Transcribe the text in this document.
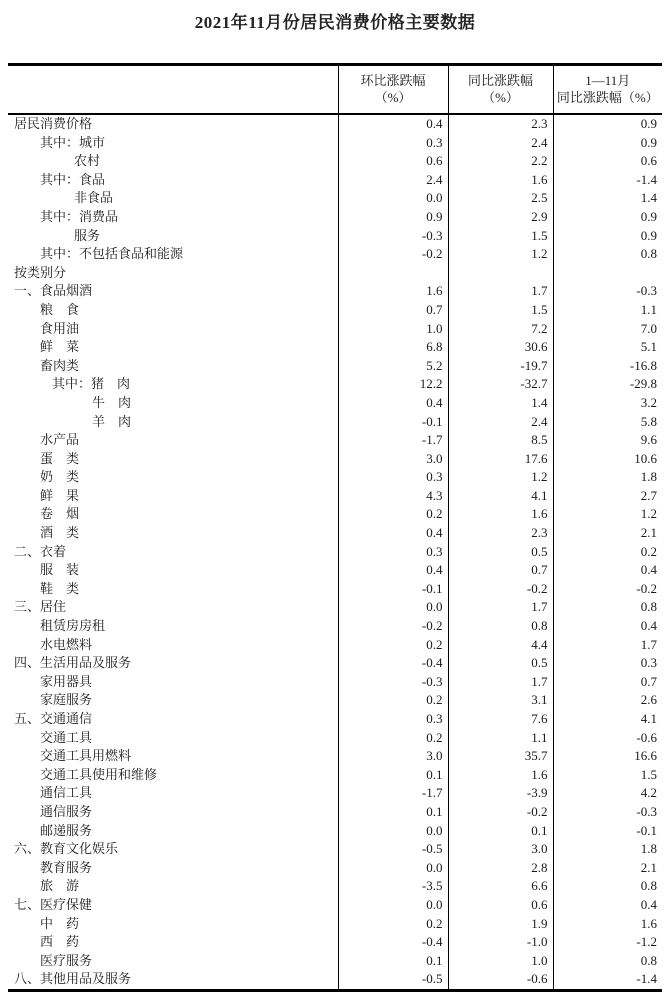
2021年11月份居民消费价格主要数据

环比涨跌幅
（%）

同比涨跌幅
（%）

1—11月
同比涨跌幅（%）

居民消费价格	0.4	2.3	0.9
其中：城市	0.3	2.4	0.9
农村	0.6	2.2	0.6
其中：食品	2.4	1.6	-1.4
非食品	0.0	2.5	1.4
其中：消费品	0.9	2.9	0.9
服务	-0.3	1.5	0.9
其中：不包括食品和能源	-0.2	1.2	0.8
按类别分			
一、食品烟酒	1.6	1.7	-0.3
粮　食	0.7	1.5	1.1
食用油	1.0	7.2	7.0
鲜　菜	6.8	30.6	5.1
畜肉类	5.2	-19.7	-16.8
其中：猪　肉	12.2	-32.7	-29.8
牛　肉	0.4	1.4	3.2
羊　肉	-0.1	2.4	5.8
水产品	-1.7	8.5	9.6
蛋　类	3.0	17.6	10.6
奶　类	0.3	1.2	1.8
鲜　果	4.3	4.1	2.7
卷　烟	0.2	1.6	1.2
酒　类	0.4	2.3	2.1
二、衣着	0.3	0.5	0.2
服　装	0.4	0.7	0.4
鞋　类	-0.1	-0.2	-0.2
三、居住	0.0	1.7	0.8
租赁房房租	-0.2	0.8	0.4
水电燃料	0.2	4.4	1.7
四、生活用品及服务	-0.4	0.5	0.3
家用器具	-0.3	1.7	0.7
家庭服务	0.2	3.1	2.6
五、交通通信	0.3	7.6	4.1
交通工具	0.2	1.1	-0.6
交通工具用燃料	3.0	35.7	16.6
交通工具使用和维修	0.1	1.6	1.5
通信工具	-1.7	-3.9	4.2
通信服务	0.1	-0.2	-0.3
邮递服务	0.0	0.1	-0.1
六、教育文化娱乐	-0.5	3.0	1.8
教育服务	0.0	2.8	2.1
旅　游	-3.5	6.6	0.8
七、医疗保健	0.0	0.6	0.4
中　药	0.2	1.9	1.6
西　药	-0.4	-1.0	-1.2
医疗服务	0.1	1.0	0.8
八、其他用品及服务	-0.5	-0.6	-1.4
